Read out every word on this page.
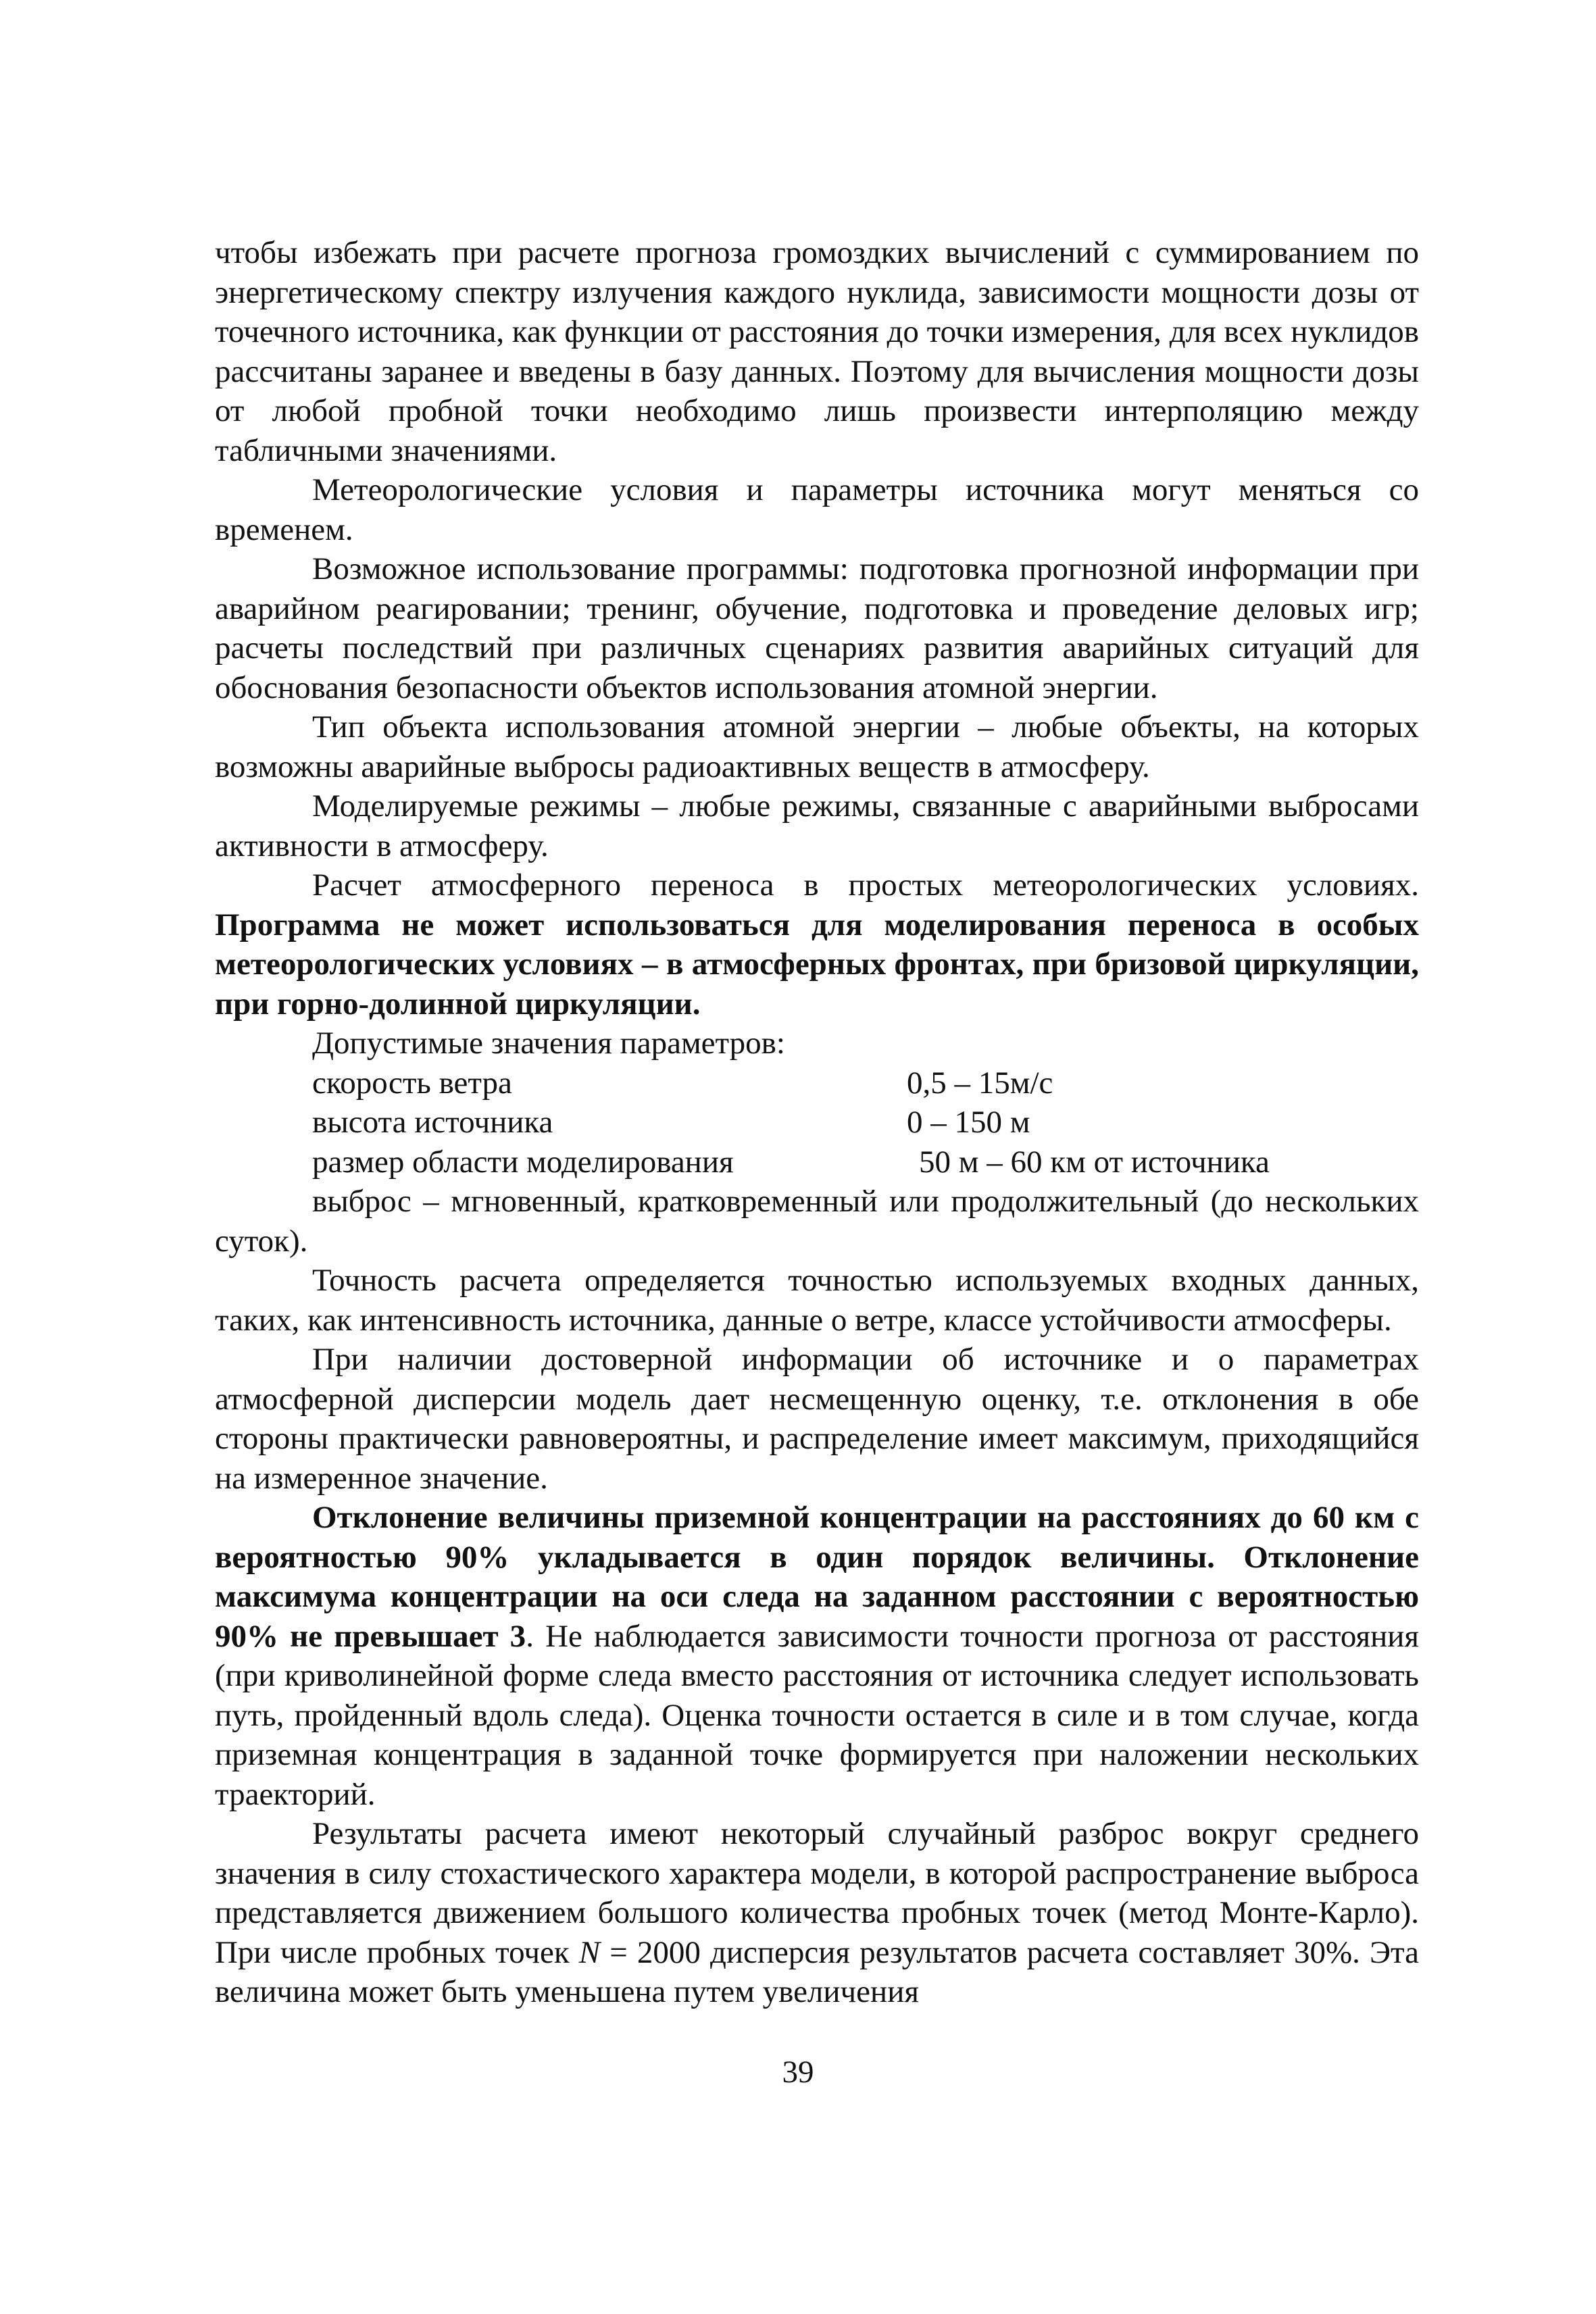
чтобы избежать при расчете прогноза громоздких вычислений с суммированием по энергетическому спектру излучения каждого нуклида, зависимости мощности дозы от точечного источника, как функции от расстояния до точки измерения, для всех нуклидов рассчитаны заранее и введены в базу данных. Поэтому для вычисления мощности дозы от любой пробной точки необходимо лишь произвести интерполяцию между табличными значениями.

Метеорологические условия и параметры источника могут меняться со временем.

Возможное использование программы: подготовка прогнозной информации при аварийном реагировании; тренинг, обучение, подготовка и проведение деловых игр; расчеты последствий при различных сценариях развития аварийных ситуаций для обоснования безопасности объектов использования атомной энергии.

Тип объекта использования атомной энергии – любые объекты, на которых возможны аварийные выбросы радиоактивных веществ в атмосферу.

Моделируемые режимы – любые режимы, связанные с аварийными выбросами активности в атмосферу.

Расчет атмосферного переноса в простых метеорологических условиях. Программа не может использоваться для моделирования переноса в особых метеорологических условиях – в атмосферных фронтах, при бризовой циркуляции, при горно-долинной циркуляции.

Допустимые значения параметров:

скорость ветра	0,5 – 15м/с
высота источника	0 – 150 м
размер области моделирования	50 м – 60 км от источника

выброс – мгновенный, кратковременный или продолжительный (до нескольких суток).

Точность расчета определяется точностью используемых входных данных, таких, как интенсивность источника, данные о ветре, классе устойчивости атмосферы.

При наличии достоверной информации об источнике и о параметрах атмосферной дисперсии модель дает несмещенную оценку, т.е. отклонения в обе стороны практически равновероятны, и распределение имеет максимум, приходящийся на измеренное значение.

Отклонение величины приземной концентрации на расстояниях до 60 км с вероятностью 90% укладывается в один порядок величины. Отклонение максимума концентрации на оси следа на заданном расстоянии с вероятностью 90% не превышает 3. Не наблюдается зависимости точности прогноза от расстояния (при криволинейной форме следа вместо расстояния от источника следует использовать путь, пройденный вдоль следа). Оценка точности остается в силе и в том случае, когда приземная концентрация в заданной точке формируется при наложении нескольких траекторий.

Результаты расчета имеют некоторый случайный разброс вокруг среднего значения в силу стохастического характера модели, в которой распространение выброса представляется движением большого количества пробных точек (метод Монте-Карло). При числе пробных точек N = 2000 дисперсия результатов расчета составляет 30%. Эта величина может быть уменьшена путем увеличения

39
